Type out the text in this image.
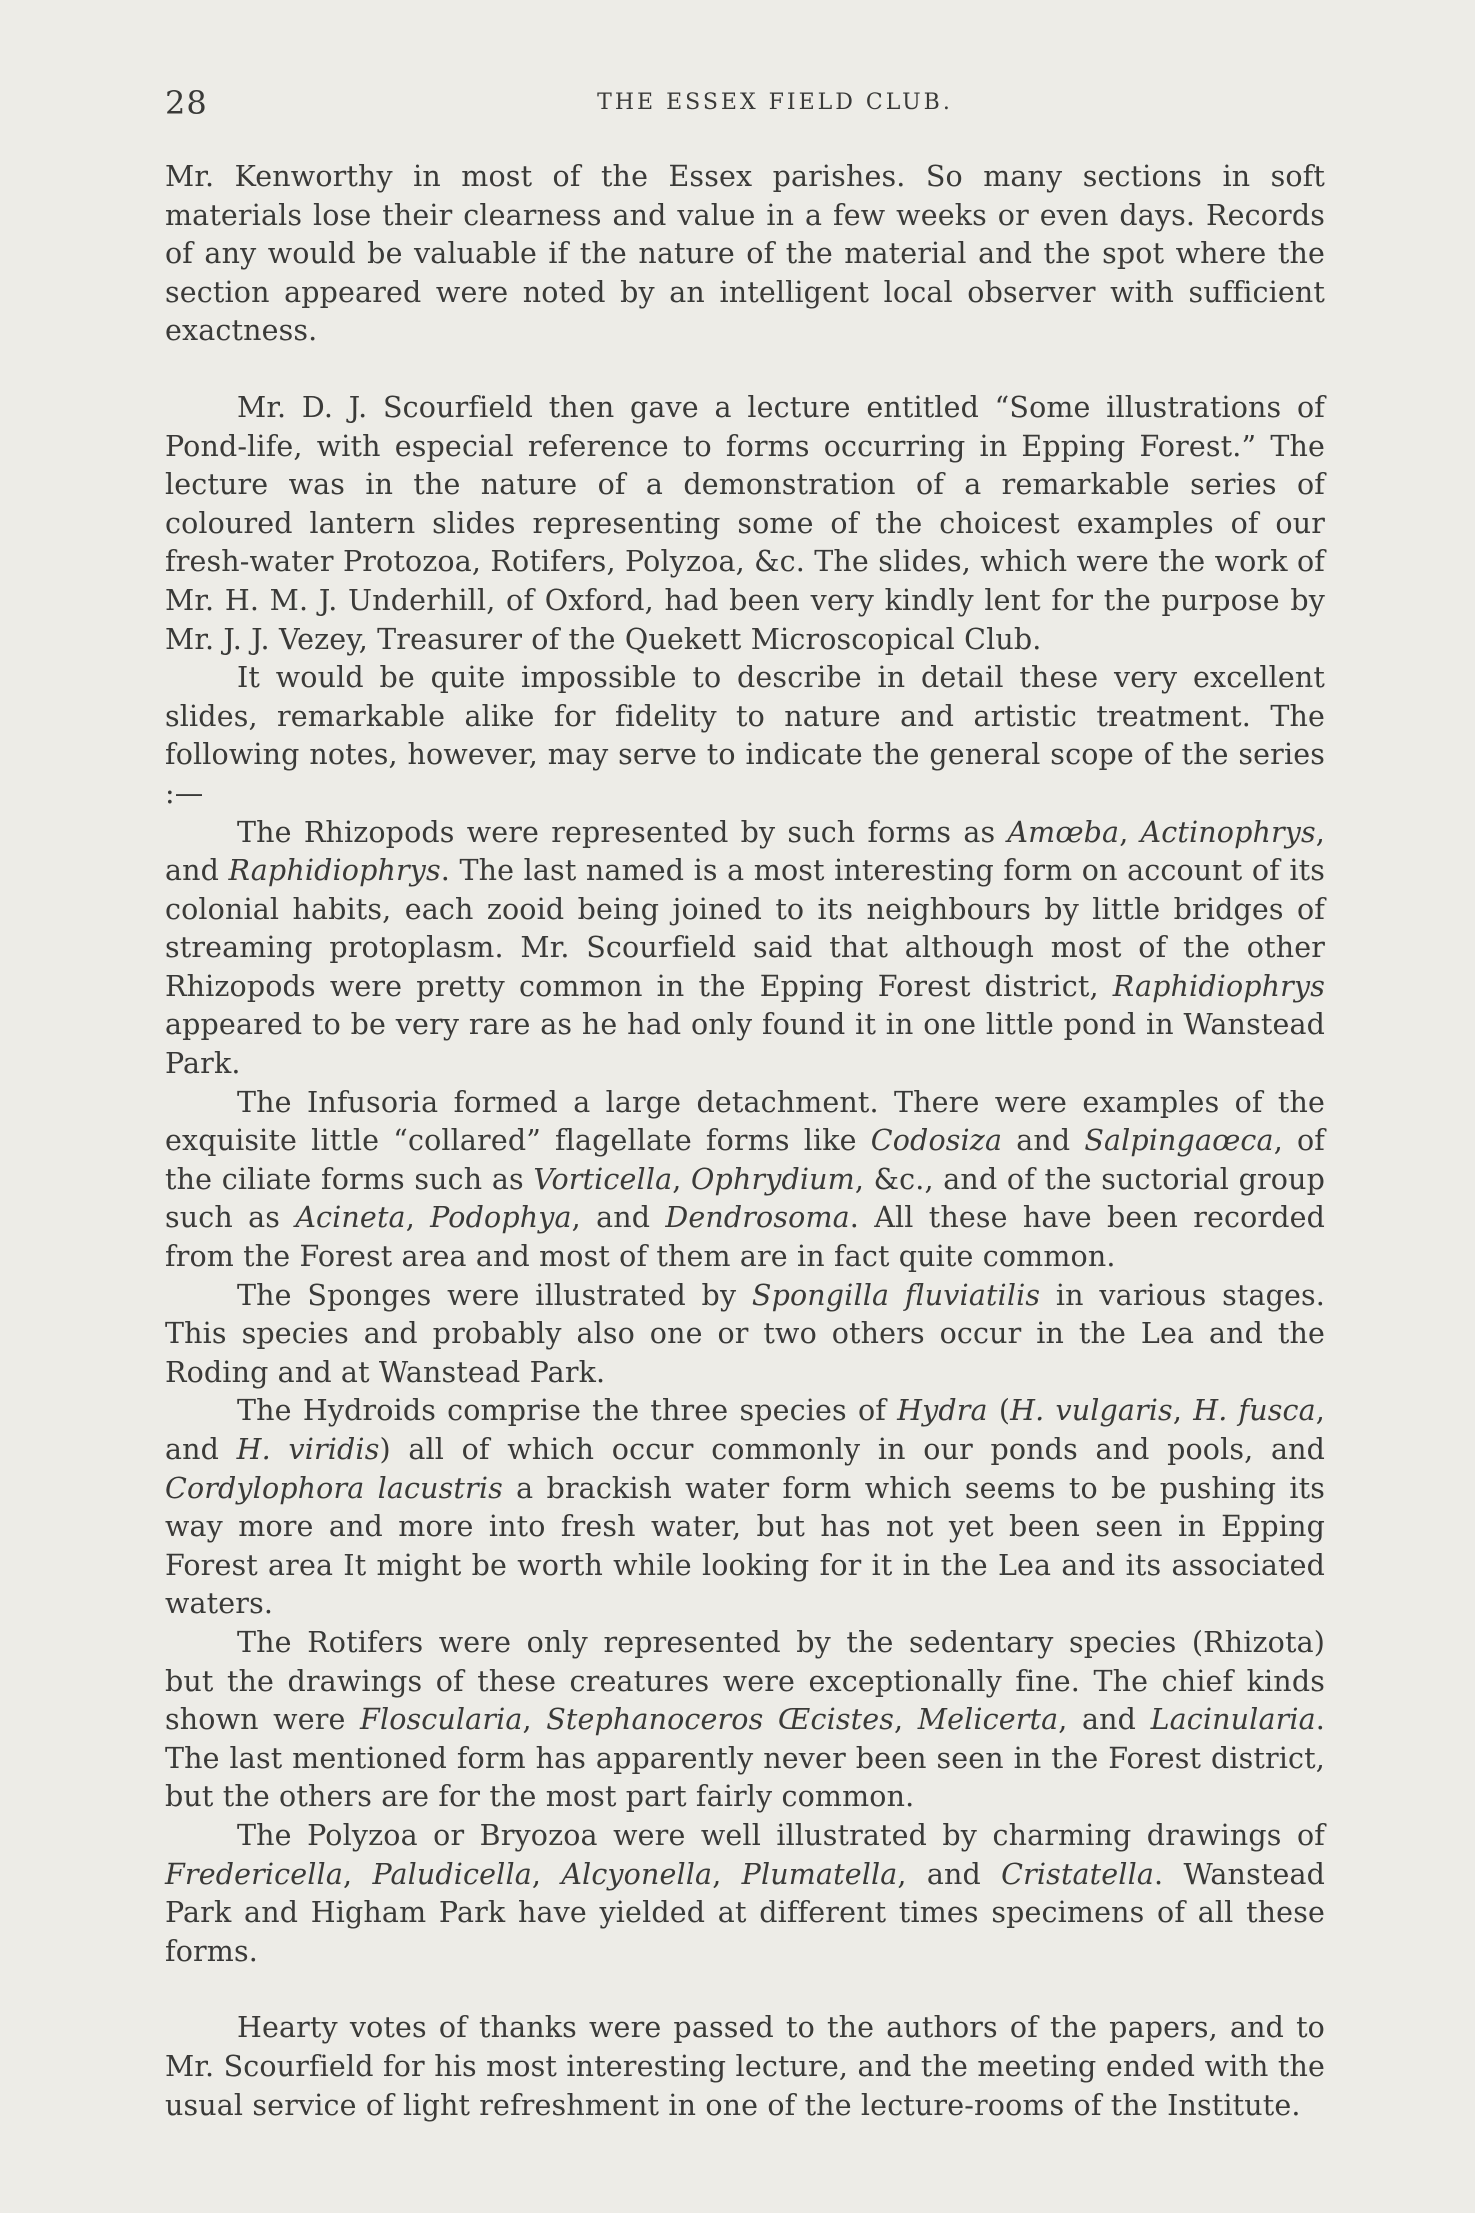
28	THE ESSEX FIELD CLUB.

Mr. Kenworthy in most of the Essex parishes. So many sections in soft materials lose their clearness and value in a few weeks or even days. Records of any would be valuable if the nature of the material and the spot where the section appeared were noted by an intelligent local observer with sufficient exactness.

Mr. D. J. Scourfield then gave a lecture entitled “Some illustrations of Pond-life, with especial reference to forms occurring in Epping Forest.” The lecture was in the nature of a demonstration of a remarkable series of coloured lantern slides representing some of the choicest examples of our fresh-water Protozoa, Rotifers, Polyzoa, &c. The slides, which were the work of Mr. H. M. J. Underhill, of Oxford, had been very kindly lent for the purpose by Mr. J. J. Vezey, Treasurer of the Quekett Microscopical Club.

It would be quite impossible to describe in detail these very excellent slides, remarkable alike for fidelity to nature and artistic treatment. The following notes, however, may serve to indicate the general scope of the series :—

The Rhizopods were represented by such forms as Amœba, Actinophrys, and Raphidiophrys. The last named is a most interesting form on account of its colonial habits, each zooid being joined to its neighbours by little bridges of streaming protoplasm. Mr. Scourfield said that although most of the other Rhizopods were pretty common in the Epping Forest district, Raphidiophrys appeared to be very rare as he had only found it in one little pond in Wanstead Park.

The Infusoria formed a large detachment. There were examples of the exquisite little “collared” flagellate forms like Codosiza and Salpingaœca, of the ciliate forms such as Vorticella, Ophrydium, &c., and of the suctorial group such as Acineta, Podophya, and Dendrosoma. All these have been recorded from the Forest area and most of them are in fact quite common.

The Sponges were illustrated by Spongilla fluviatilis in various stages. This species and probably also one or two others occur in the Lea and the Roding and at Wanstead Park.

The Hydroids comprise the three species of Hydra (H. vulgaris, H. fusca, and H. viridis) all of which occur commonly in our ponds and pools, and Cordylophora lacustris a brackish water form which seems to be pushing its way more and more into fresh water, but has not yet been seen in Epping Forest area It might be worth while looking for it in the Lea and its associated waters.

The Rotifers were only represented by the sedentary species (Rhizota) but the drawings of these creatures were exceptionally fine. The chief kinds shown were Floscularia, Stephanoceros Œcistes, Melicerta, and Lacinularia. The last mentioned form has apparently never been seen in the Forest district, but the others are for the most part fairly common.

The Polyzoa or Bryozoa were well illustrated by charming drawings of Fredericella, Paludicella, Alcyonella, Plumatella, and Cristatella. Wanstead Park and Higham Park have yielded at different times specimens of all these forms.

Hearty votes of thanks were passed to the authors of the papers, and to Mr. Scourfield for his most interesting lecture, and the meeting ended with the usual service of light refreshment in one of the lecture-rooms of the Institute.
